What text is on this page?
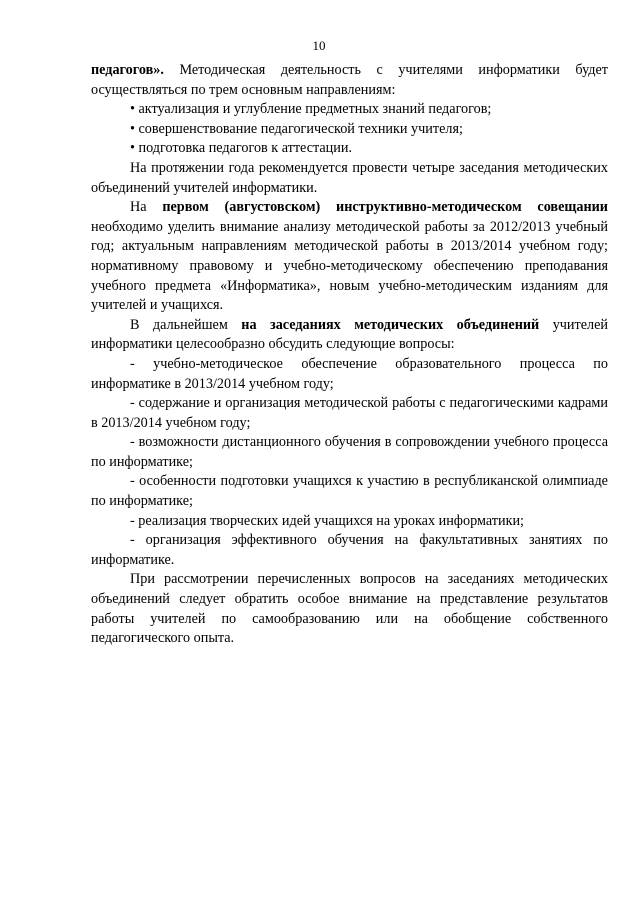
10

педагогов». Методическая деятельность с учителями информатики будет осуществляться по трем основным направлениям:

• актуализация и углубление предметных знаний педагогов;

• совершенствование педагогической техники учителя;

• подготовка педагогов к аттестации.

На протяжении года рекомендуется провести четыре заседания методических объединений учителей информатики.

На первом (августовском) инструктивно-методическом совещании необходимо уделить внимание анализу методической работы за 2012/2013 учебный год; актуальным направлениям методической работы в 2013/2014 учебном году; нормативному правовому и учебно-методическому обеспечению преподавания учебного предмета «Информатика», новым учебно-методическим изданиям для учителей и учащихся.

В дальнейшем на заседаниях методических объединений учителей информатики целесообразно обсудить следующие вопросы:

- учебно-методическое обеспечение образовательного процесса по информатике в 2013/2014 учебном году;

- содержание и организация методической работы с педагогическими кадрами в 2013/2014 учебном году;

- возможности дистанционного обучения в сопровождении учебного процесса по информатике;

- особенности подготовки учащихся к участию в республиканской олимпиаде по информатике;

- реализация творческих идей учащихся на уроках информатики;

- организация эффективного обучения на факультативных занятиях по информатике.

При рассмотрении перечисленных вопросов на заседаниях методических объединений следует обратить особое внимание на представление результатов работы учителей по самообразованию или на обобщение собственного педагогического опыта.
